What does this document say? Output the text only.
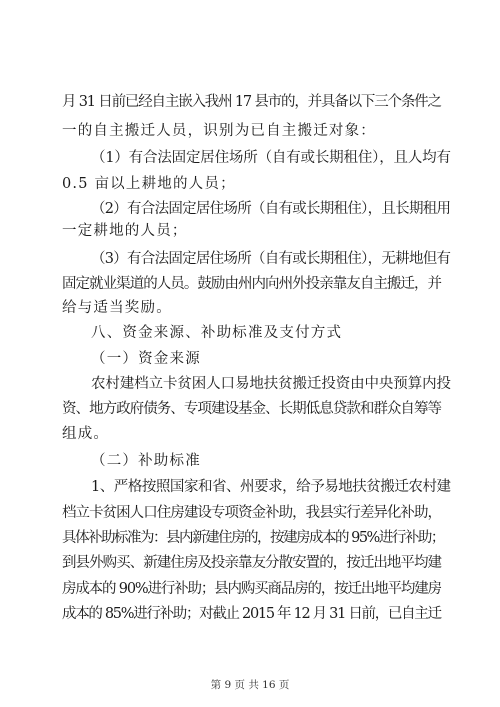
月 31 日前已经自主嵌入我州 17 县市的，并具备以下三个条件之
一的自主搬迁人员，识别为已自主搬迁对象：
（1）有合法固定居住场所（自有或长期租住），且人均有
0.5 亩以上耕地的人员；
（2）有合法固定居住场所（自有或长期租住），且长期租用
一定耕地的人员；
（3）有合法固定居住场所（自有或长期租住），无耕地但有
固定就业渠道的人员。鼓励由州内向州外投亲靠友自主搬迁，并
给与适当奖励。
八、资金来源、补助标准及支付方式
（一）资金来源
农村建档立卡贫困人口易地扶贫搬迁投资由中央预算内投
资、地方政府债务、专项建设基金、长期低息贷款和群众自筹等
组成。
（二）补助标准
1、严格按照国家和省、州要求，给予易地扶贫搬迁农村建
档立卡贫困人口住房建设专项资金补助，我县实行差异化补助，
具体补助标准为：县内新建住房的，按建房成本的 95%进行补助；
到县外购买、新建住房及投亲靠友分散安置的，按迁出地平均建
房成本的 90%进行补助；县内购买商品房的，按迁出地平均建房
成本的 85%进行补助；对截止 2015 年 12 月 31 日前，已自主迁
第 9 页 共 16 页
